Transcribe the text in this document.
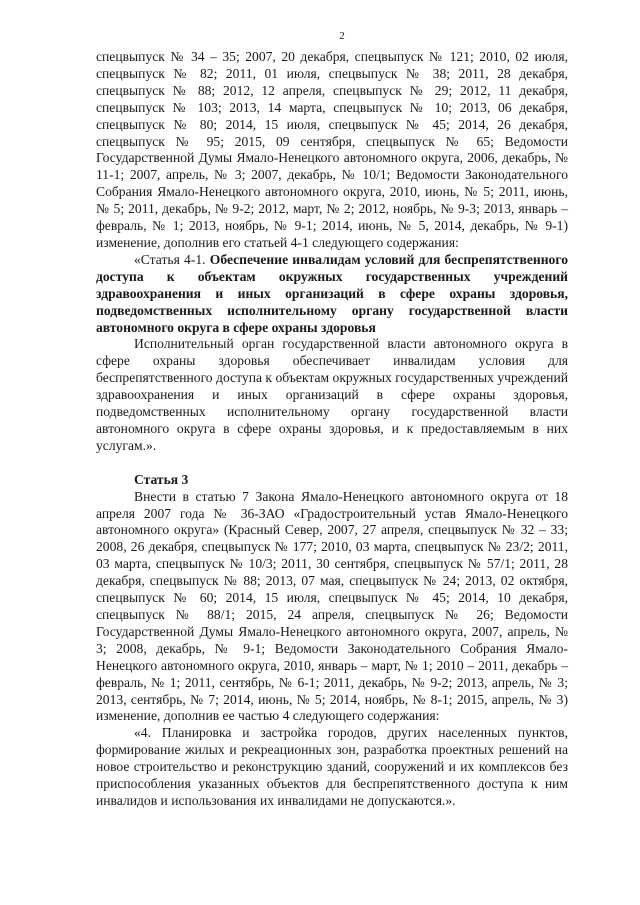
2

спецвыпуск № 34 – 35; 2007, 20 декабря, спецвыпуск № 121; 2010, 02 июля, спецвыпуск № 82; 2011, 01 июля, спецвыпуск № 38; 2011, 28 декабря, спецвыпуск № 88; 2012, 12 апреля, спецвыпуск № 29; 2012, 11 декабря, спецвыпуск № 103; 2013, 14 марта, спецвыпуск № 10; 2013, 06 декабря, спецвыпуск № 80; 2014, 15 июля, спецвыпуск № 45; 2014, 26 декабря, спецвыпуск № 95; 2015, 09 сентября, спецвыпуск № 65; Ведомости Государственной Думы Ямало-Ненецкого автономного округа, 2006, декабрь, № 11-1; 2007, апрель, № 3; 2007, декабрь, № 10/1; Ведомости Законодательного Собрания Ямало-Ненецкого автономного округа, 2010, июнь, № 5; 2011, июнь, № 5; 2011, декабрь, № 9-2; 2012, март, № 2; 2012, ноябрь, № 9-3; 2013, январь – февраль, № 1; 2013, ноябрь, № 9-1; 2014, июнь, № 5, 2014, декабрь, № 9-1) изменение, дополнив его статьей 4-1 следующего содержания:

«Статья 4-1. Обеспечение инвалидам условий для беспрепятственного доступа к объектам окружных государственных учреждений здравоохранения и иных организаций в сфере охраны здоровья, подведомственных исполнительному органу государственной власти автономного округа в сфере охраны здоровья

Исполнительный орган государственной власти автономного округа в сфере охраны здоровья обеспечивает инвалидам условия для беспрепятственного доступа к объектам окружных государственных учреждений здравоохранения и иных организаций в сфере охраны здоровья, подведомственных исполнительному органу государственной власти автономного округа в сфере охраны здоровья, и к предоставляемым в них услугам.».

Статья 3

Внести в статью 7 Закона Ямало-Ненецкого автономного округа от 18 апреля 2007 года № 36-ЗАО «Градостроительный устав Ямало-Ненецкого автономного округа» (Красный Север, 2007, 27 апреля, спецвыпуск № 32 – 33; 2008, 26 декабря, спецвыпуск № 177; 2010, 03 марта, спецвыпуск № 23/2; 2011, 03 марта, спецвыпуск № 10/3; 2011, 30 сентября, спецвыпуск № 57/1; 2011, 28 декабря, спецвыпуск № 88; 2013, 07 мая, спецвыпуск № 24; 2013, 02 октября, спецвыпуск № 60; 2014, 15 июля, спецвыпуск № 45; 2014, 10 декабря, спецвыпуск № 88/1; 2015, 24 апреля, спецвыпуск № 26; Ведомости Государственной Думы Ямало-Ненецкого автономного округа, 2007, апрель, № 3; 2008, декабрь, № 9-1; Ведомости Законодательного Собрания Ямало-Ненецкого автономного округа, 2010, январь – март, № 1; 2010 – 2011, декабрь – февраль, № 1; 2011, сентябрь, № 6-1; 2011, декабрь, № 9-2; 2013, апрель, № 3; 2013, сентябрь, № 7; 2014, июнь, № 5; 2014, ноябрь, № 8-1; 2015, апрель, № 3) изменение, дополнив ее частью 4 следующего содержания:

«4. Планировка и застройка городов, других населенных пунктов, формирование жилых и рекреационных зон, разработка проектных решений на новое строительство и реконструкцию зданий, сооружений и их комплексов без приспособления указанных объектов для беспрепятственного доступа к ним инвалидов и использования их инвалидами не допускаются.».
